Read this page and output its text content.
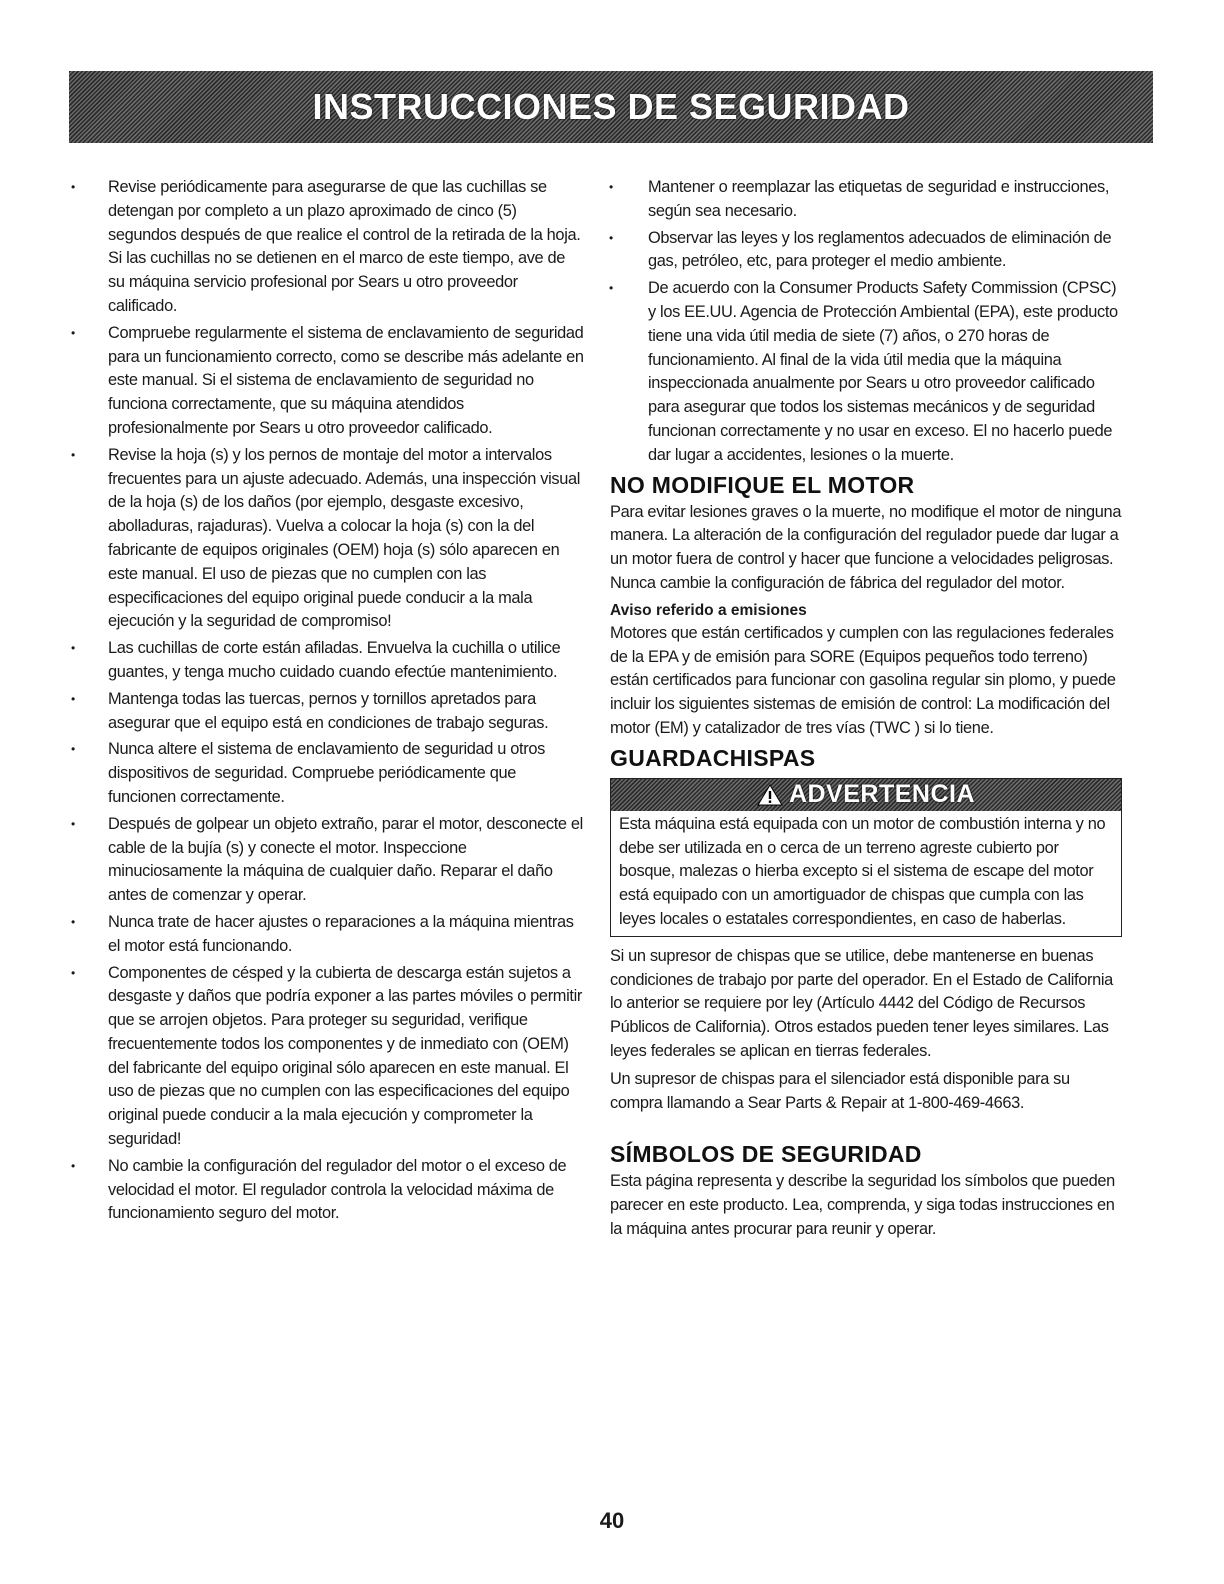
INSTRUCCIONES DE SEGURIDAD
• Revise periódicamente para asegurarse de que las cuchillas se detengan por completo a un plazo aproximado de cinco (5) segundos después de que realice el control de la retirada de la hoja. Si las cuchillas no se detienen en el marco de este tiempo, ave de su máquina servicio profesional por Sears u otro proveedor calificado.
• Compruebe regularmente el sistema de enclavamiento de seguridad para un funcionamiento correcto, como se describe más adelante en este manual. Si el sistema de enclavamiento de seguridad no funciona correctamente, que su máquina atendidos profesionalmente por Sears u otro proveedor calificado.
• Revise la hoja (s) y los pernos de montaje del motor a intervalos frecuentes para un ajuste adecuado. Además, una inspección visual de la hoja (s) de los daños (por ejemplo, desgaste excesivo, abolladuras, rajaduras). Vuelva a colocar la hoja (s) con la del fabricante de equipos originales (OEM) hoja (s) sólo aparecen en este manual. El uso de piezas que no cumplen con las especificaciones del equipo original puede conducir a la mala ejecución y la seguridad de compromiso!
• Las cuchillas de corte están afiladas. Envuelva la cuchilla o utilice guantes, y tenga mucho cuidado cuando efectúe mantenimiento.
• Mantenga todas las tuercas, pernos y tornillos apretados para asegurar que el equipo está en condiciones de trabajo seguras.
• Nunca altere el sistema de enclavamiento de seguridad u otros dispositivos de seguridad. Compruebe periódicamente que funcionen correctamente.
• Después de golpear un objeto extraño, parar el motor, desconecte el cable de la bujía (s) y conecte el motor. Inspeccione minuciosamente la máquina de cualquier daño. Reparar el daño antes de comenzar y operar.
• Nunca trate de hacer ajustes o reparaciones a la máquina mientras el motor está funcionando.
• Componentes de césped y la cubierta de descarga están sujetos a desgaste y daños que podría exponer a las partes móviles o permitir que se arrojen objetos. Para proteger su seguridad, verifique frecuentemente todos los componentes y de inmediato con (OEM) del fabricante del equipo original sólo aparecen en este manual. El uso de piezas que no cumplen con las especificaciones del equipo original puede conducir a la mala ejecución y comprometer la seguridad!
• No cambie la configuración del regulador del motor o el exceso de velocidad el motor. El regulador controla la velocidad máxima de funcionamiento seguro del motor.
• Mantener o reemplazar las etiquetas de seguridad e instrucciones, según sea necesario.
• Observar las leyes y los reglamentos adecuados de eliminación de gas, petróleo, etc, para proteger el medio ambiente.
• De acuerdo con la Consumer Products Safety Commission (CPSC) y los EE.UU. Agencia de Protección Ambiental (EPA), este producto tiene una vida útil media de siete (7) años, o 270 horas de funcionamiento. Al final de la vida útil media que la máquina inspeccionada anualmente por Sears u otro proveedor calificado para asegurar que todos los sistemas mecánicos y de seguridad funcionan correctamente y no usar en exceso. El no hacerlo puede dar lugar a accidentes, lesiones o la muerte.
NO MODIFIQUE EL MOTOR

Para evitar lesiones graves o la muerte, no modifique el motor de ninguna manera. La alteración de la configuración del regulador puede dar lugar a un motor fuera de control y hacer que funcione a velocidades peligrosas. Nunca cambie la configuración de fábrica del regulador del motor.

Aviso referido a emisiones

Motores que están certificados y cumplen con las regulaciones federales de la EPA y de emisión para SORE (Equipos pequeños todo terreno) están certificados para funcionar con gasolina regular sin plomo, y puede incluir los siguientes sistemas de emisión de control: La modificación del motor (EM) y catalizador de tres vías (TWC ) si lo tiene.

GUARDACHISPAS
ADVERTENCIA
Esta máquina está equipada con un motor de combustión interna y no debe ser utilizada en o cerca de un terreno agreste cubierto por bosque, malezas o hierba excepto si el sistema de escape del motor está equipado con un amortiguador de chispas que cumpla con las leyes locales o estatales correspondientes, en caso de haberlas.

Si un supresor de chispas que se utilice, debe mantenerse en buenas condiciones de trabajo por parte del operador. En el Estado de California lo anterior se requiere por ley (Artículo 4442 del Código de Recursos Públicos de California). Otros estados pueden tener leyes similares. Las leyes federales se aplican en tierras federales.

Un supresor de chispas para el silenciador está disponible para su compra llamando a Sear Parts & Repair at 1-800-469-4663.

SÍMBOLOS DE SEGURIDAD

Esta página representa y describe la seguridad los símbolos que pueden parecer en este producto. Lea, comprenda, y siga todas instrucciones en la máquina antes procurar para reunir y operar.

40
